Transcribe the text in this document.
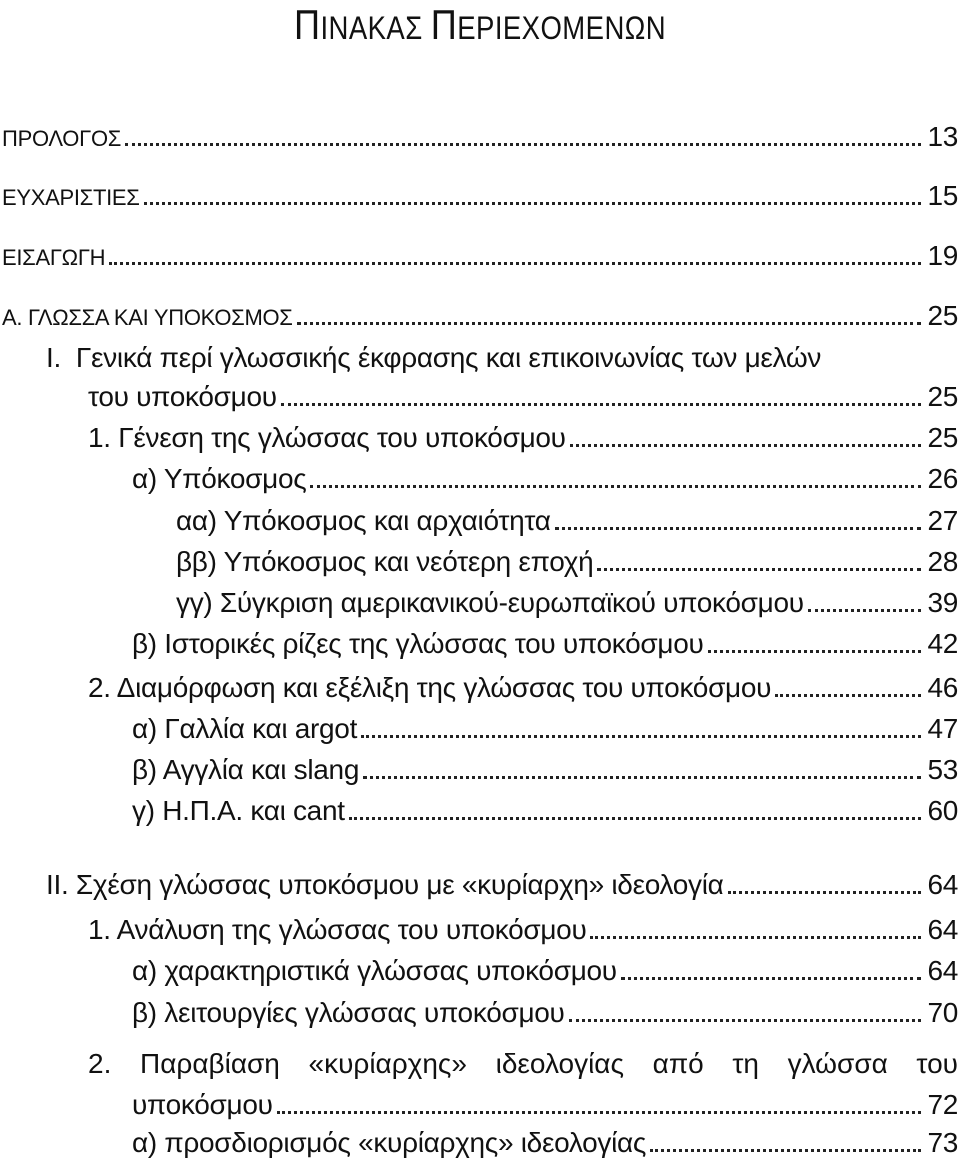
ΠΙΝΑΚΑΣ ΠΕΡΙΕΧΟΜΕΝΩΝ
ΠΡΟΛΟΓΟΣ	13
ΕΥΧΑΡΙΣΤΙΕΣ	15
ΕΙΣΑΓΩΓΗ	19
Α. ΓΛΩΣΣΑ ΚΑΙ ΥΠΟΚΟΣΜΟΣ	25
I.  Γενικά περί γλωσσικής έκφρασης και επικοινωνίας των μελών
του υποκόσμου	25
1. Γένεση της γλώσσας του υποκόσμου	25
α) Υπόκοσμος	26
αα) Υπόκοσμος και αρχαιότητα	27
ββ) Υπόκοσμος και νεότερη εποχή	28
γγ) Σύγκριση αμερικανικού-ευρωπαϊκού υποκόσμου	39
β) Ιστορικές ρίζες της γλώσσας του υποκόσμου	42
2. Διαμόρφωση και εξέλιξη της γλώσσας του υποκόσμου	46
α) Γαλλία και argot	47
β) Αγγλία και slang	53
γ) Η.Π.Α. και cant	60
II. Σχέση γλώσσας υποκόσμου με «κυρίαρχη» ιδεολογία	64
1. Ανάλυση της γλώσσας του υποκόσμου	64
α) χαρακτηριστικά γλώσσας υποκόσμου	64
β) λειτουργίες γλώσσας υποκόσμου	70
2. Παραβίαση «κυρίαρχης» ιδεολογίας από τη γλώσσα του
υποκόσμου	72
α) προσδιορισμός «κυρίαρχης» ιδεολογίας	73
